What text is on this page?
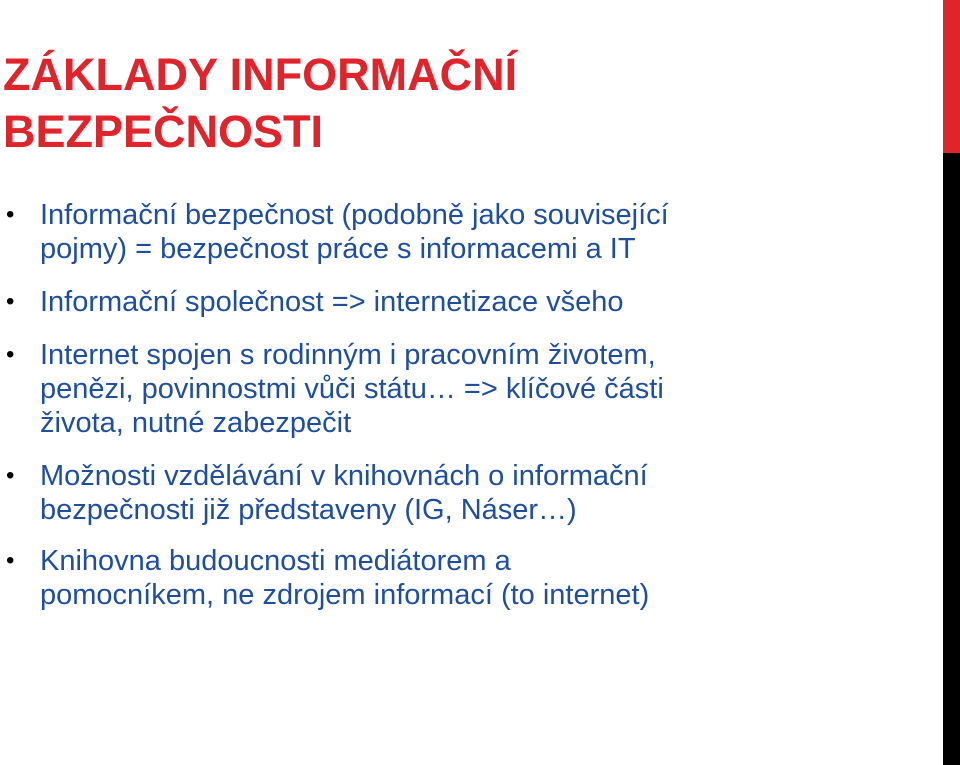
ZÁKLADY INFORMAČNÍ
BEZPEČNOSTI
• Informační bezpečnost (podobně jako související
pojmy) = bezpečnost práce s informacemi a IT
• Informační společnost => internetizace všeho
• Internet spojen s rodinným i pracovním životem,
penězi, povinnostmi vůči státu… => klíčové části
života, nutné zabezpečit
• Možnosti vzdělávání v knihovnách o informační
bezpečnosti již představeny (IG, Náser…)
• Knihovna budoucnosti mediátorem a
pomocníkem, ne zdrojem informací (to internet)
